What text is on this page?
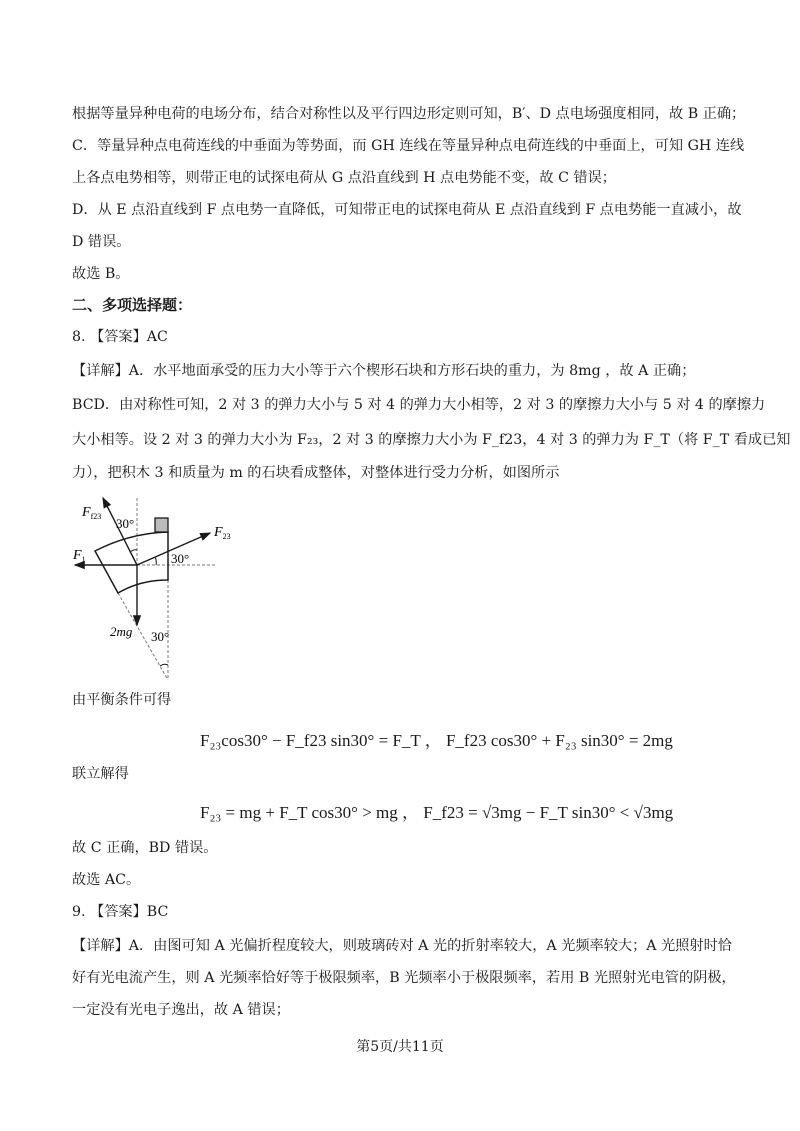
根据等量异种电荷的电场分布，结合对称性以及平行四边形定则可知，B′、D 点电场强度相同，故 B 正确；
C．等量异种点电荷连线的中垂面为等势面，而 GH 连线在等量异种点电荷连线的中垂面上，可知 GH 连线
上各点电势相等，则带正电的试探电荷从 G 点沿直线到 H 点电势能不变，故 C 错误；
D．从 E 点沿直线到 F 点电势一直降低，可知带正电的试探电荷从 E 点沿直线到 F 点电势能一直减小，故
D 错误。
故选 B。
二、多项选择题：
8. 【答案】AC
【详解】A．水平地面承受的压力大小等于六个楔形石块和方形石块的重力，为 8mg ，故 A 正确；
BCD．由对称性可知，2 对 3 的弹力大小与 5 对 4 的弹力大小相等，2 对 3 的摩擦力大小与 5 对 4 的摩擦力
大小相等。设 2 对 3 的弹力大小为 F₂₃，2 对 3 的摩擦力大小为 F_f23，4 对 3 的弹力为 F_T（将 F_T 看成已知
力），把积木 3 和质量为 m 的石块看成整体，对整体进行受力分析，如图所示
$F_{f23}$ 30°
$F_{23}$
30°
$F_1$
2mg 30°
由平衡条件可得
F₂₃cos30° − F_f23 sin30° = F_T ， F_f23 cos30° + F₂₃ sin30° = 2mg
联立解得
F₂₃ = mg + F_T cos30° > mg ， F_f23 = √3mg − F_T sin30° < √3mg
故 C 正确，BD 错误。
故选 AC。
9. 【答案】BC
【详解】A．由图可知 A 光偏折程度较大，则玻璃砖对 A 光的折射率较大，A 光频率较大；A 光照射时恰
好有光电流产生，则 A 光频率恰好等于极限频率，B 光频率小于极限频率，若用 B 光照射光电管的阴极，
一定没有光电子逸出，故 A 错误；
第5页/共11页
